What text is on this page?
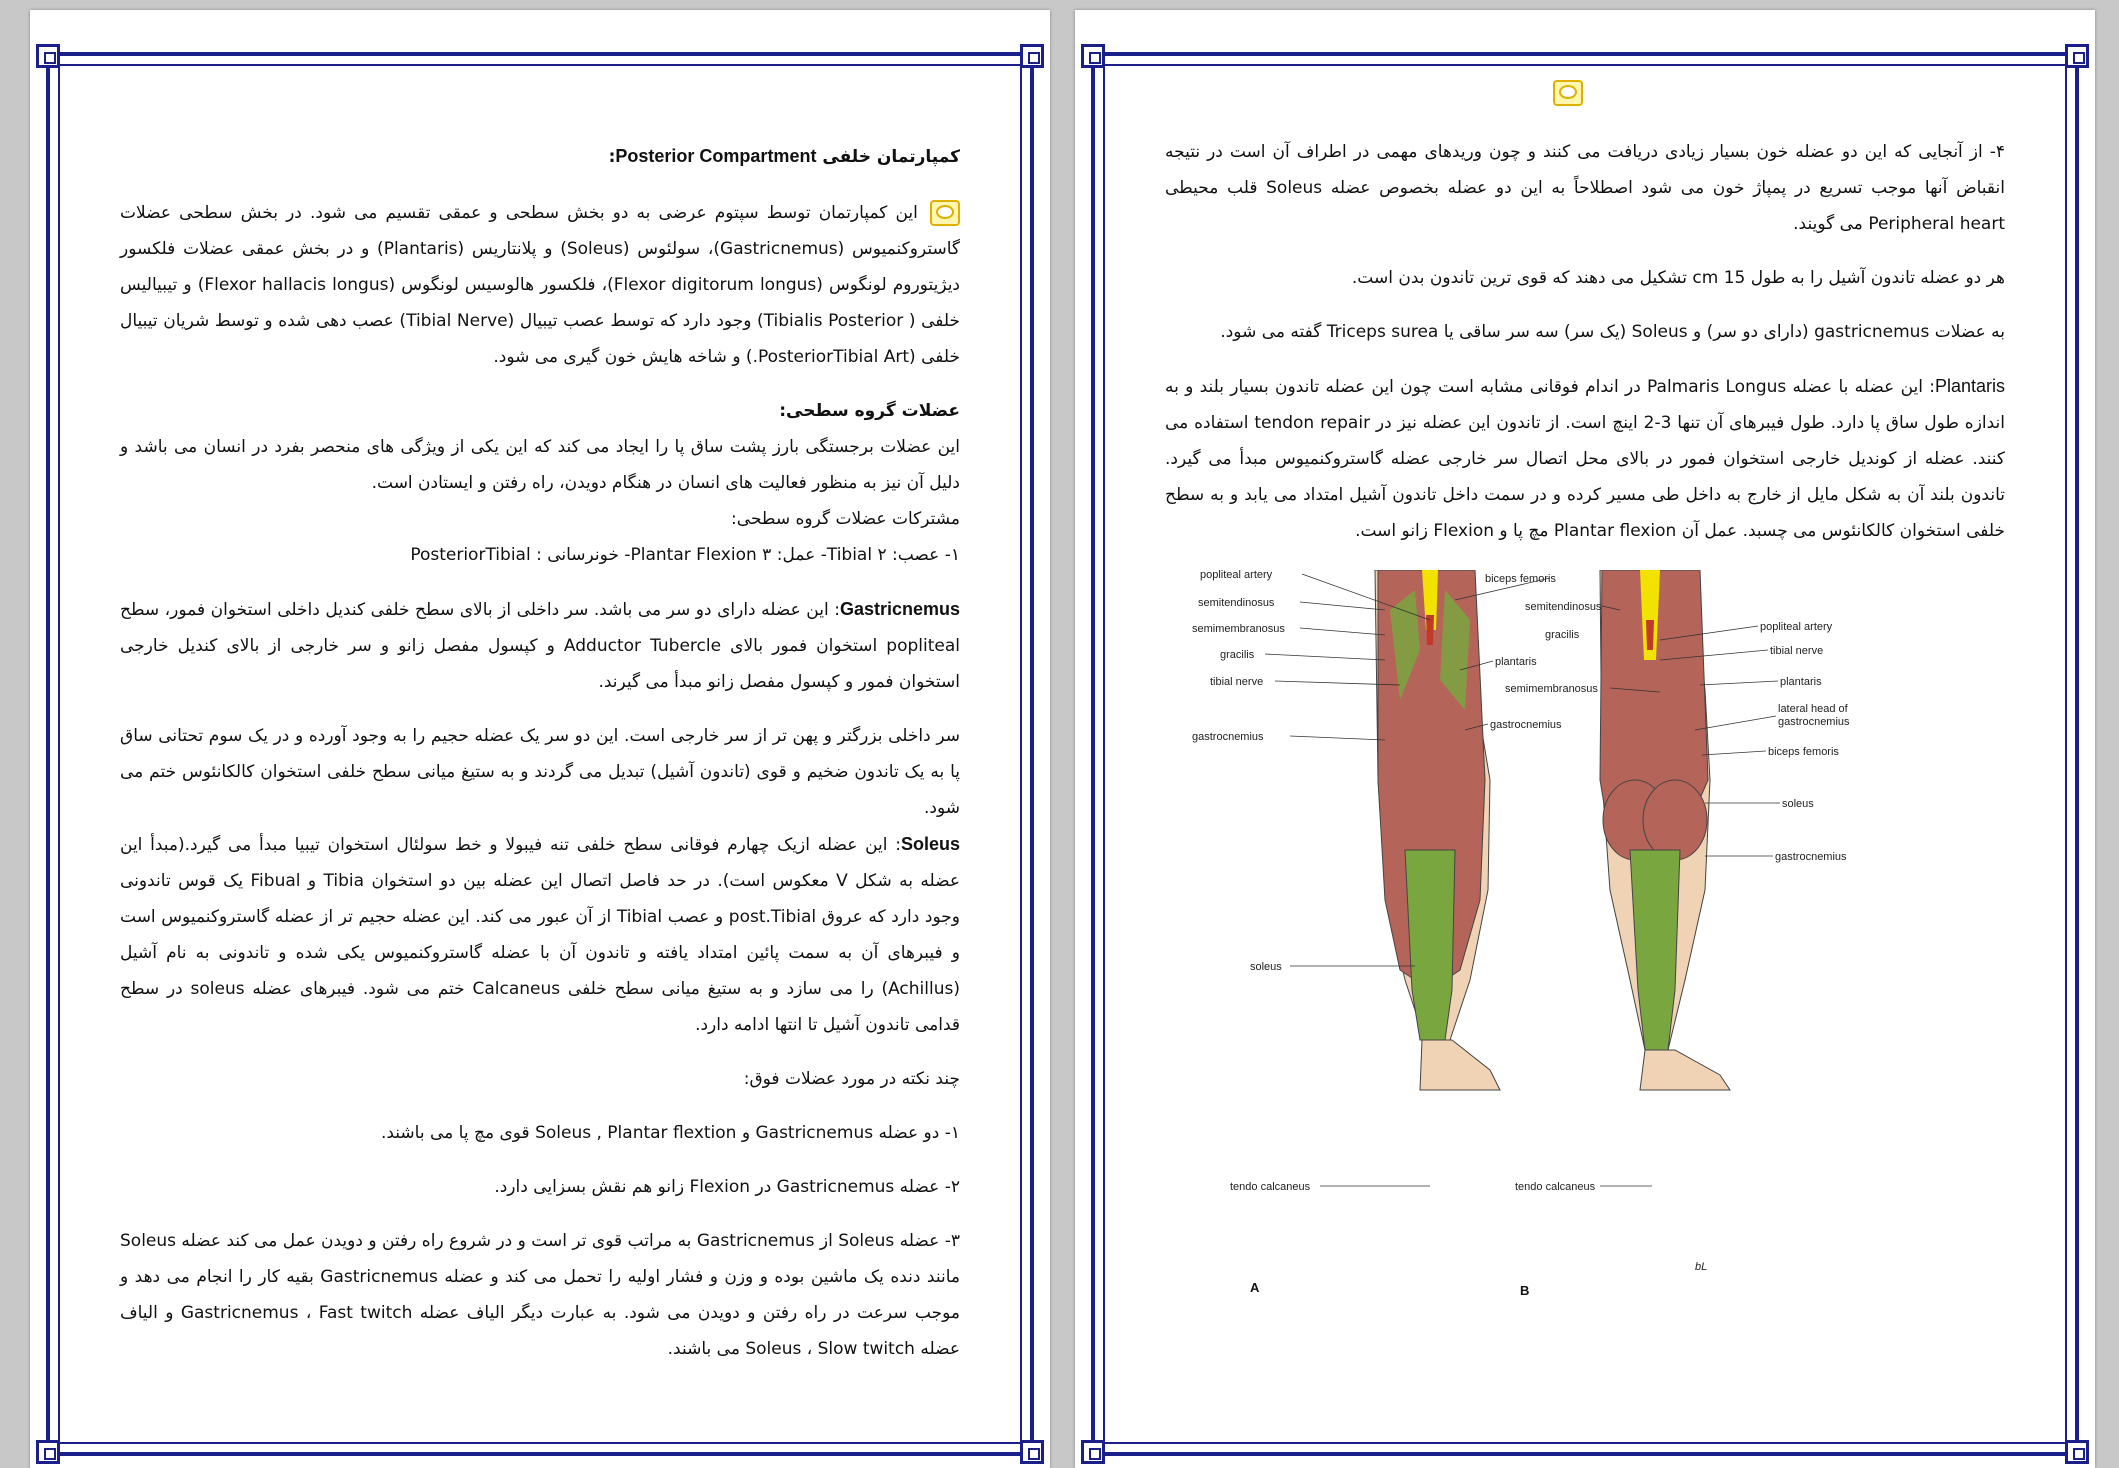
کمپارتمان خلفی Posterior Compartment:

این کمپارتمان توسط سپتوم عرضی به دو بخش سطحی و عمقی تقسیم می شود. در بخش سطحی عضلات گاستروکنمیوس (Gastricnemus)، سولئوس (Soleus) و پلانتاریس (Plantaris) و در بخش عمقی عضلات فلکسور دیژیتوروم لونگوس (Flexor digitorum longus)، فلکسور هالوسیس لونگوس (Flexor hallacis longus) و تیبیالیس خلفی ( Tibialis Posterior) وجود دارد که توسط عصب تیبیال (Tibial Nerve) عصب دهی شده و توسط شریان تیبیال خلفی (PosteriorTibial Art.) و شاخه هایش خون گیری می شود.

عضلات گروه سطحی:

این عضلات برجستگی بارز پشت ساق پا را ایجاد می کند که این یکی از ویژگی های منحصر بفرد در انسان می باشد و دلیل آن نیز به منظور فعالیت های انسان در هنگام دویدن، راه رفتن و ایستادن است.

مشترکات عضلات گروه سطحی:

۱- عصب: Tibial ۲- عمل: Plantar Flexion ۳- خونرسانی : PosteriorTibial

Gastricnemus: این عضله دارای دو سر می باشد. سر داخلی از بالای سطح خلفی کندیل داخلی استخوان فمور، سطح popliteal استخوان فمور بالای Adductor Tubercle و کپسول مفصل زانو و سر خارجی از بالای کندیل خارجی استخوان فمور و کپسول مفصل زانو مبدأ می گیرند.

سر داخلی بزرگتر و پهن تر از سر خارجی است. این دو سر یک عضله حجیم را به وجود آورده و در یک سوم تحتانی ساق پا به یک تاندون ضخیم و قوی (تاندون آشیل) تبدیل می گردند و به ستیغ میانی سطح خلفی استخوان کالکانئوس ختم می شود.

Soleus: این عضله ازیک چهارم فوقانی سطح خلفی تنه فیبولا و خط سولئال استخوان تیبیا مبدأ می گیرد.(مبدأ این عضله به شکل V معکوس است). در حد فاصل اتصال این عضله بین دو استخوان Tibia و Fibual یک قوس تاندونی وجود دارد که عروق post.Tibial و عصب Tibial از آن عبور می کند. این عضله حجیم تر از عضله گاستروکنمیوس است و فیبرهای آن به سمت پائین امتداد یافته و تاندون آن با عضله گاستروکنمیوس یکی شده و تاندونی به نام آشیل (Achillus) را می سازد و به ستیغ میانی سطح خلفی Calcaneus ختم می شود. فیبرهای عضله soleus در سطح قدامی تاندون آشیل تا انتها ادامه دارد.

چند نکته در مورد عضلات فوق:

۱- دو عضله Gastricnemus و Soleus , Plantar flextion قوی مچ پا می باشند.

۲- عضله Gastricnemus در Flexion زانو هم نقش بسزایی دارد.

۳- عضله Soleus از Gastricnemus به مراتب قوی تر است و در شروع راه رفتن و دویدن عمل می کند عضله Soleus مانند دنده یک ماشین بوده و وزن و فشار اولیه را تحمل می کند و عضله Gastricnemus بقیه کار را انجام می دهد و موجب سرعت در راه رفتن و دویدن می شود. به عبارت دیگر الیاف عضله Gastricnemus ، Fast twitch و الیاف عضله Soleus ، Slow twitch می باشند.

۴- از آنجایی که این دو عضله خون بسیار زیادی دریافت می کنند و چون وریدهای مهمی در اطراف آن است در نتیجه انقباض آنها موجب تسریع در پمپاژ خون می شود اصطلاحاً به این دو عضله بخصوص عضله Soleus قلب محیطی Peripheral heart می گویند.

هر دو عضله تاندون آشیل را به طول 15 cm تشکیل می دهند که قوی ترین تاندون بدن است.

به عضلات gastricnemus (دارای دو سر) و Soleus (یک سر) سه سر ساقی یا Triceps surea گفته می شود.

Plantaris: این عضله با عضله Palmaris Longus در اندام فوقانی مشابه است چون این عضله تاندون بسیار بلند و به اندازه طول ساق پا دارد. طول فیبرهای آن تنها 3-2 اینچ است. از تاندون این عضله نیز در tendon repair استفاده می کنند. عضله از کوندیل خارجی استخوان فمور در بالای محل اتصال سر خارجی عضله گاستروکنمیوس مبدأ می گیرد. تاندون بلند آن به شکل مایل از خارج به داخل طی مسیر کرده و در سمت داخل تاندون آشیل امتداد می یابد و به سطح خلفی استخوان کالکانئوس می چسبد. عمل آن Plantar flexion مچ پا و Flexion زانو است.

popliteal artery
semitendinosus
semimembranosus
gracilis
tibial nerve
gastrocnemius
soleus
tendo calcaneus
biceps femoris
plantaris
gastrocnemius
semitendinosus
gracilis
semimembranosus
tendo calcaneus
popliteal artery
tibial nerve
plantaris
lateral head of
gastrocnemius
biceps femoris
soleus
gastrocnemius
A	B
bL
